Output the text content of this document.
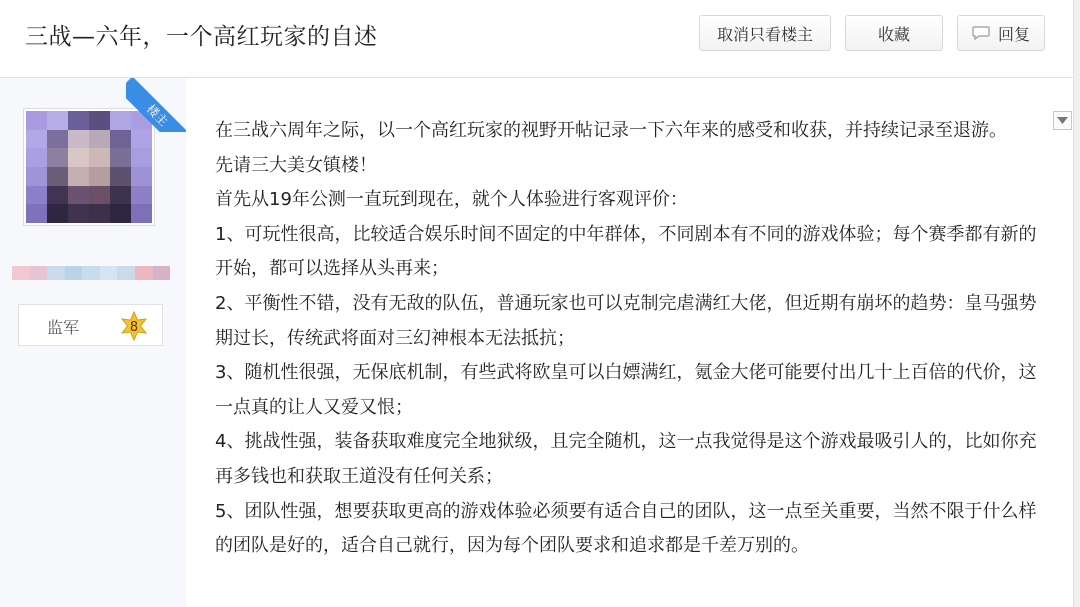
三战—六年，一个高红玩家的自述	取消只看楼主	收藏	回复
监军	8
楼主

在三战六周年之际，以一个高红玩家的视野开帖记录一下六年来的感受和收获，并持续记录至退游。

先请三大美女镇楼！

首先从19年公测一直玩到现在，就个人体验进行客观评价：

1、可玩性很高，比较适合娱乐时间不固定的中年群体，不同剧本有不同的游戏体验；每个赛季都有新的开始，都可以选择从头再来；

2、平衡性不错，没有无敌的队伍，普通玩家也可以克制完虐满红大佬，但近期有崩坏的趋势：皇马强势期过长，传统武将面对三幻神根本无法抵抗；

3、随机性很强，无保底机制，有些武将欧皇可以白嫖满红，氪金大佬可能要付出几十上百倍的代价，这一点真的让人又爱又恨；

4、挑战性强，装备获取难度完全地狱级，且完全随机，这一点我觉得是这个游戏最吸引人的，比如你充再多钱也和获取王道没有任何关系；

5、团队性强，想要获取更高的游戏体验必须要有适合自己的团队，这一点至关重要，当然不限于什么样的团队是好的，适合自己就行，因为每个团队要求和追求都是千差万别的。
